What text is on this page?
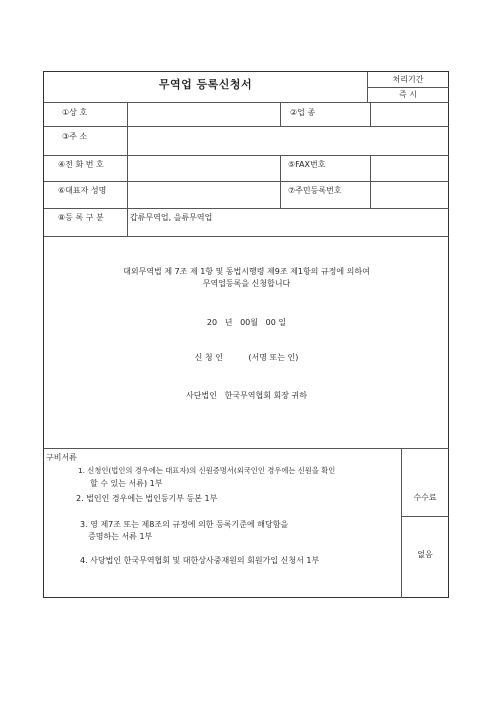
무역업 등록신청서	처리기간
즉 시
①상 호	②업 종
③주 소
④전 화 번 호	⑤FAX번호
⑥대표자 성명	⑦주민등록번호
⑧등 록 구 분	갑류무역업, 을류무역업
대외무역법 제 7조 제 1항 및 동법시행령 제9조 제1항의 규정에 의하여
무역업등록을 신청합니다
20   년   00월   00 일
신 청 인          (서명 또는 인)
사단법인   한국무역협회 회장 귀하
구비서류
1. 신청인(법인의 경우에는 대표자)의 신원증명서(외국인인 경우에는 신원을 확인
할 수 있는 서류) 1부
2. 법인인 경우에는 법인등기부 등본 1부
3. 영 제7조 또는 제8조의 규정에 의한 등록기준에 해당함을
증명하는 서류 1부
4. 사당법인 한국무역협회 및 대한상사중재원의 회원가입 신청서 1부
수수료
없음
